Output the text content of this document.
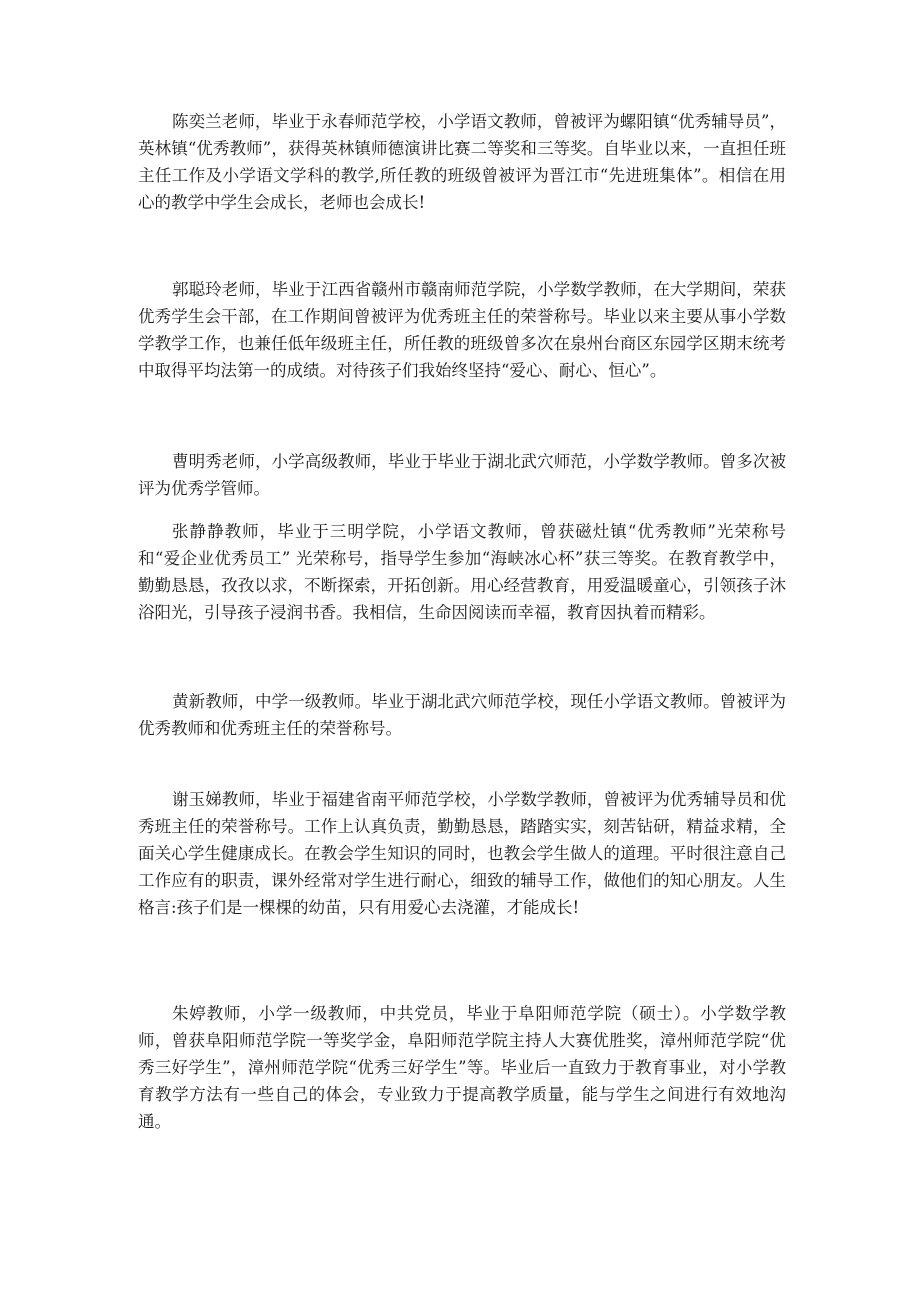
陈奕兰老师，毕业于永春师范学校，小学语文教师，曾被评为螺阳镇“优秀辅导员”，英林镇“优秀教师”，获得英林镇师德演讲比赛二等奖和三等奖。自毕业以来，一直担任班主任工作及小学语文学科的教学,所任教的班级曾被评为晋江市“先进班集体”。相信在用心的教学中学生会成长，老师也会成长!

郭聪玲老师，毕业于江西省赣州市赣南师范学院，小学数学教师，在大学期间，荣获优秀学生会干部，在工作期间曾被评为优秀班主任的荣誉称号。毕业以来主要从事小学数学教学工作，也兼任低年级班主任，所任教的班级曾多次在泉州台商区东园学区期末统考中取得平均法第一的成绩。对待孩子们我始终坚持“爱心、耐心、恒心”。

曹明秀老师，小学高级教师，毕业于毕业于湖北武穴师范，小学数学教师。曾多次被评为优秀学管师。

张静静教师，毕业于三明学院，小学语文教师，曾获磁灶镇“优秀教师”光荣称号和“爱企业优秀员工” 光荣称号，指导学生参加“海峡冰心杯”获三等奖。在教育教学中，勤勤恳恳，孜孜以求，不断探索，开拓创新。用心经营教育，用爱温暖童心，引领孩子沐浴阳光，引导孩子浸润书香。我相信，生命因阅读而幸福，教育因执着而精彩。

黄新教师，中学一级教师。毕业于湖北武穴师范学校，现任小学语文教师。曾被评为优秀教师和优秀班主任的荣誉称号。

谢玉娣教师，毕业于福建省南平师范学校，小学数学教师，曾被评为优秀辅导员和优秀班主任的荣誉称号。工作上认真负责，勤勤恳恳，踏踏实实，刻苦钻研，精益求精，全面关心学生健康成长。在教会学生知识的同时，也教会学生做人的道理。平时很注意自己工作应有的职责，课外经常对学生进行耐心，细致的辅导工作，做他们的知心朋友。人生格言:孩子们是一棵棵的幼苗，只有用爱心去浇灌，才能成长!

朱婷教师，小学一级教师，中共党员，毕业于阜阳师范学院（硕士）。小学数学教师，曾获阜阳师范学院一等奖学金，阜阳师范学院主持人大赛优胜奖，漳州师范学院“优秀三好学生”，漳州师范学院“优秀三好学生”等。毕业后一直致力于教育事业，对小学教育教学方法有一些自己的体会，专业致力于提高教学质量，能与学生之间进行有效地沟通。
